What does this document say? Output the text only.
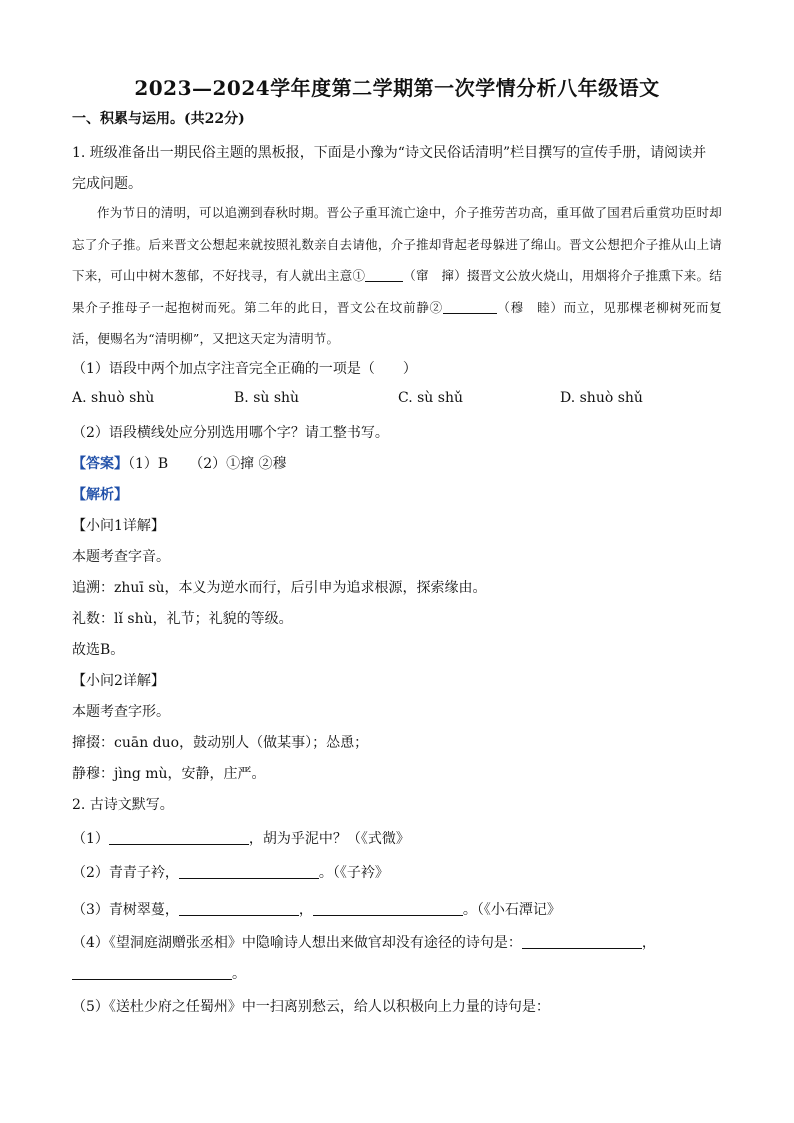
2023—2024学年度第二学期第一次学情分析八年级语文
一、积累与运用。(共22分)
1. 班级准备出一期民俗主题的黑板报，下面是小豫为“诗文民俗话清明”栏目撰写的宣传手册，请阅读并
完成问题。
作为节日的清明，可以追溯到春秋时期。晋公子重耳流亡途中，介子推劳苦功高，重耳做了国君后重赏功臣时却忘了介子推。后来晋文公想起来就按照礼数亲自去请他，介子推却背起老母躲进了绵山。晋文公想把介子推从山上请下来，可山中树木葱郁，不好找寻，有人就出主意①	（窜　撺）掇晋文公放火烧山，用烟将介子推熏下来。结果介子推母子一起抱树而死。第二年的此日，晋文公在坟前静②	（穆　睦）而立，见那棵老柳树死而复活，便赐名为“清明柳”，又把这天定为清明节。
（1）语段中两个加点字注音完全正确的一项是（　　）
A. shuò shù	B. sù shù	C. sù shǔ	D. shuò shǔ
（2）语段横线处应分别选用哪个字？请工整书写。
【答案】（1）B　　（2）①撺 ②穆
【解析】
【小问1详解】
本题考查字音。
追溯：zhuī sù，本义为逆水而行，后引申为追求根源，探索缘由。
礼数：lǐ shù，礼节；礼貌的等级。
故选B。
【小问2详解】
本题考查字形。
撺掇：cuān duo，鼓动别人（做某事）；怂恿；
静穆：jìng mù，安静，庄严。
2. 古诗文默写。
（1）	，胡为乎泥中？（《式微》
（2）青青子衿，	。（《子衿》
（3）青树翠蔓，	，	。（《小石潭记》
（4）《望洞庭湖赠张丞相》中隐喻诗人想出来做官却没有途径的诗句是：	，
。
（5）《送杜少府之任蜀州》中一扫离别愁云，给人以积极向上力量的诗句是：
